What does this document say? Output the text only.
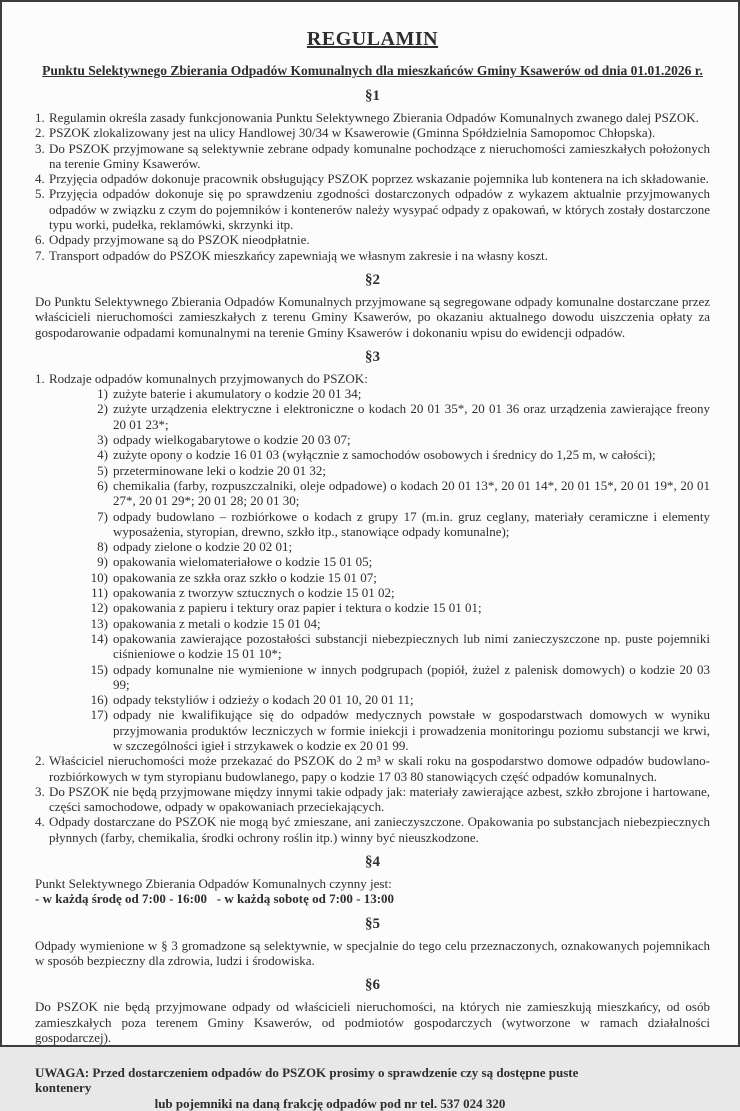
REGULAMIN
Punktu Selektywnego Zbierania Odpadów Komunalnych dla mieszkańców Gminy Ksawerów od dnia 01.01.2026 r.
§1
1. Regulamin określa zasady funkcjonowania Punktu Selektywnego Zbierania Odpadów Komunalnych zwanego dalej PSZOK.
2. PSZOK zlokalizowany jest na ulicy Handlowej 30/34 w Ksawerowie (Gminna Spółdzielnia Samopomoc Chłopska).
3. Do PSZOK przyjmowane są selektywnie zebrane odpady komunalne pochodzące z nieruchomości zamieszkałych położonych na terenie Gminy Ksawerów.
4. Przyjęcia odpadów dokonuje pracownik obsługujący PSZOK poprzez wskazanie pojemnika lub kontenera na ich składowanie.
5. Przyjęcia odpadów dokonuje się po sprawdzeniu zgodności dostarczonych odpadów z wykazem aktualnie przyjmowanych odpadów w związku z czym do pojemników i kontenerów należy wysypać odpady z opakowań, w których zostały dostarczone typu worki, pudełka, reklamówki, skrzynki itp.
6. Odpady przyjmowane są do PSZOK nieodpłatnie.
7. Transport odpadów do PSZOK mieszkańcy zapewniają we własnym zakresie i na własny koszt.
§2
Do Punktu Selektywnego Zbierania Odpadów Komunalnych przyjmowane są segregowane odpady komunalne dostarczane przez właścicieli nieruchomości zamieszkałych z terenu Gminy Ksawerów, po okazaniu aktualnego dowodu uiszczenia opłaty za gospodarowanie odpadami komunalnymi na terenie Gminy Ksawerów i dokonaniu wpisu do ewidencji odpadów.
§3
1. Rodzaje odpadów komunalnych przyjmowanych do PSZOK:
1) zużyte baterie i akumulatory o kodzie 20 01 34;
2) zużyte urządzenia elektryczne i elektroniczne o kodach 20 01 35*, 20 01 36 oraz urządzenia zawierające freony 20 01 23*;
3) odpady wielkogabarytowe o kodzie 20 03 07;
4) zużyte opony o kodzie 16 01 03 (wyłącznie z samochodów osobowych i średnicy do 1,25 m, w całości);
5) przeterminowane leki o kodzie 20 01 32;
6) chemikalia (farby, rozpuszczalniki, oleje odpadowe) o kodach 20 01 13*, 20 01 14*, 20 01 15*, 20 01 19*, 20 01 27*, 20 01 29*; 20 01 28; 20 01 30;
7) odpady budowlano – rozbiórkowe o kodach z grupy 17 (m.in. gruz ceglany, materiały ceramiczne i elementy wyposażenia, styropian, drewno, szkło itp., stanowiące odpady komunalne);
8) odpady zielone o kodzie 20 02 01;
9) opakowania wielomateriałowe o kodzie 15 01 05;
10) opakowania ze szkła oraz szkło o kodzie 15 01 07;
11) opakowania z tworzyw sztucznych o kodzie 15 01 02;
12) opakowania z papieru i tektury oraz papier i tektura o kodzie 15 01 01;
13) opakowania z metali o kodzie 15 01 04;
14) opakowania zawierające pozostałości substancji niebezpiecznych lub nimi zanieczyszczone np. puste pojemniki ciśnieniowe o kodzie 15 01 10*;
15) odpady komunalne nie wymienione w innych podgrupach (popiół, żużel z palenisk domowych) o kodzie 20 03 99;
16) odpady tekstyliów i odzieży o kodach 20 01 10, 20 01 11;
17) odpady nie kwalifikujące się do odpadów medycznych powstałe w gospodarstwach domowych w wyniku przyjmowania produktów leczniczych w formie iniekcji i prowadzenia monitoringu poziomu substancji we krwi, w szczególności igieł i strzykawek o kodzie ex 20 01 99.
2. Właściciel nieruchomości może przekazać do PSZOK do 2 m³ w skali roku na gospodarstwo domowe odpadów budowlano-rozbiórkowych w tym styropianu budowlanego, papy o kodzie 17 03 80 stanowiących część odpadów komunalnych.
3. Do PSZOK nie będą przyjmowane między innymi takie odpady jak: materiały zawierające azbest, szkło zbrojone i hartowane, części samochodowe, odpady w opakowaniach przeciekających.
4. Odpady dostarczane do PSZOK nie mogą być zmieszane, ani zanieczyszczone. Opakowania po substancjach niebezpiecznych płynnych (farby, chemikalia, środki ochrony roślin itp.) winny być nieuszkodzone.
§4
Punkt Selektywnego Zbierania Odpadów Komunalnych czynny jest:
- w każdą środę od 7:00 - 16:00   - w każdą sobotę od 7:00 - 13:00
§5
Odpady wymienione w § 3 gromadzone są selektywnie, w specjalnie do tego celu przeznaczonych, oznakowanych pojemnikach w sposób bezpieczny dla zdrowia, ludzi i środowiska.
§6
Do PSZOK nie będą przyjmowane odpady od właścicieli nieruchomości, na których nie zamieszkują mieszkańcy, od osób zamieszkałych poza terenem Gminy Ksawerów, od podmiotów gospodarczych (wytworzone w ramach działalności gospodarczej).
UWAGA: Przed dostarczeniem odpadów do PSZOK prosimy o sprawdzenie czy są dostępne puste kontenery
lub pojemniki na daną frakcję odpadów pod nr tel. 537 024 320
